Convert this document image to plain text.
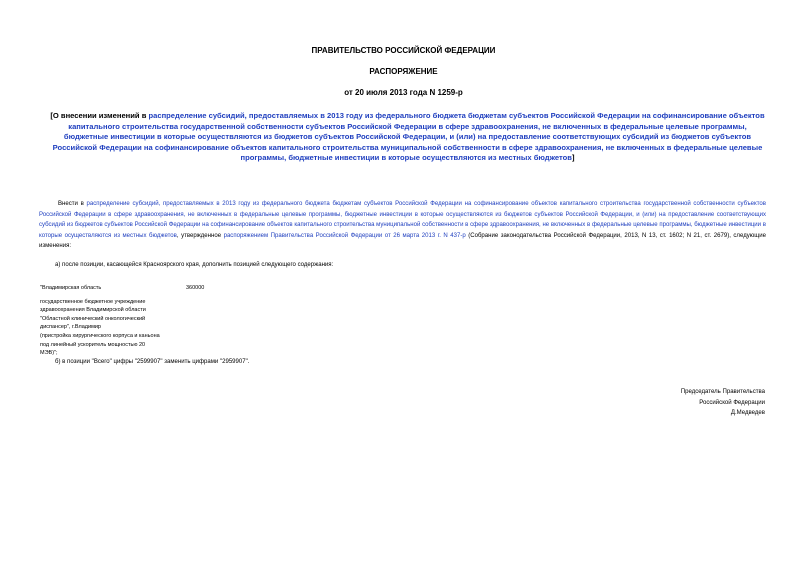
ПРАВИТЕЛЬСТВО РОССИЙСКОЙ ФЕДЕРАЦИИ
РАСПОРЯЖЕНИЕ
от 20 июля 2013 года N 1259-р
[О внесении изменений в распределение субсидий, предоставляемых в 2013 году из федерального бюджета бюджетам субъектов Российской Федерации на софинансирование объектов капитального строительства государственной собственности субъектов Российской Федерации в сфере здравоохранения, не включенных в федеральные целевые программы, бюджетные инвестиции в которые осуществляются из бюджетов субъектов Российской Федерации, и (или) на предоставление соответствующих субсидий из бюджетов субъектов Российской Федерации на софинансирование объектов капитального строительства муниципальной собственности в сфере здравоохранения, не включенных в федеральные целевые программы, бюджетные инвестиции в которые осуществляются из местных бюджетов]
Внести в распределение субсидий, предоставляемых в 2013 году из федерального бюджета бюджетам субъектов Российской Федерации на софинансирование объектов капитального строительства государственной собственности субъектов Российской Федерации в сфере здравоохранения, не включенных в федеральные целевые программы, бюджетные инвестиции в которые осуществляются из бюджетов субъектов Российской Федерации, и (или) на предоставление соответствующих субсидий из бюджетов субъектов Российской Федерации на софинансирование объектов капитального строительства муниципальной собственности в сфере здравоохранения, не включенных в федеральные целевые программы, бюджетные инвестиции в которые осуществляются из местных бюджетов, утвержденное распоряжением Правительства Российской Федерации от 26 марта 2013 г. N 437-р (Собрание законодательства Российской Федерации, 2013, N 13, ст. 1602; N 21, ст. 2679), следующие изменения:
а) после позиции, касающейся Красноярского края, дополнить позицией следующего содержания:
"Владимирская область
государственное бюджетное учреждение
здравоохранения Владимирской области
"Областной клинический онкологический
диспансер", г.Владимир
(пристройка хирургического корпуса и каньона
под линейный ускоритель мощностью 20
МЭВ)";
360000
б) в позиции "Всего" цифры "2599907" заменить цифрами "2959907".
Председатель Правительства
Российской Федерации
Д.Медведев
